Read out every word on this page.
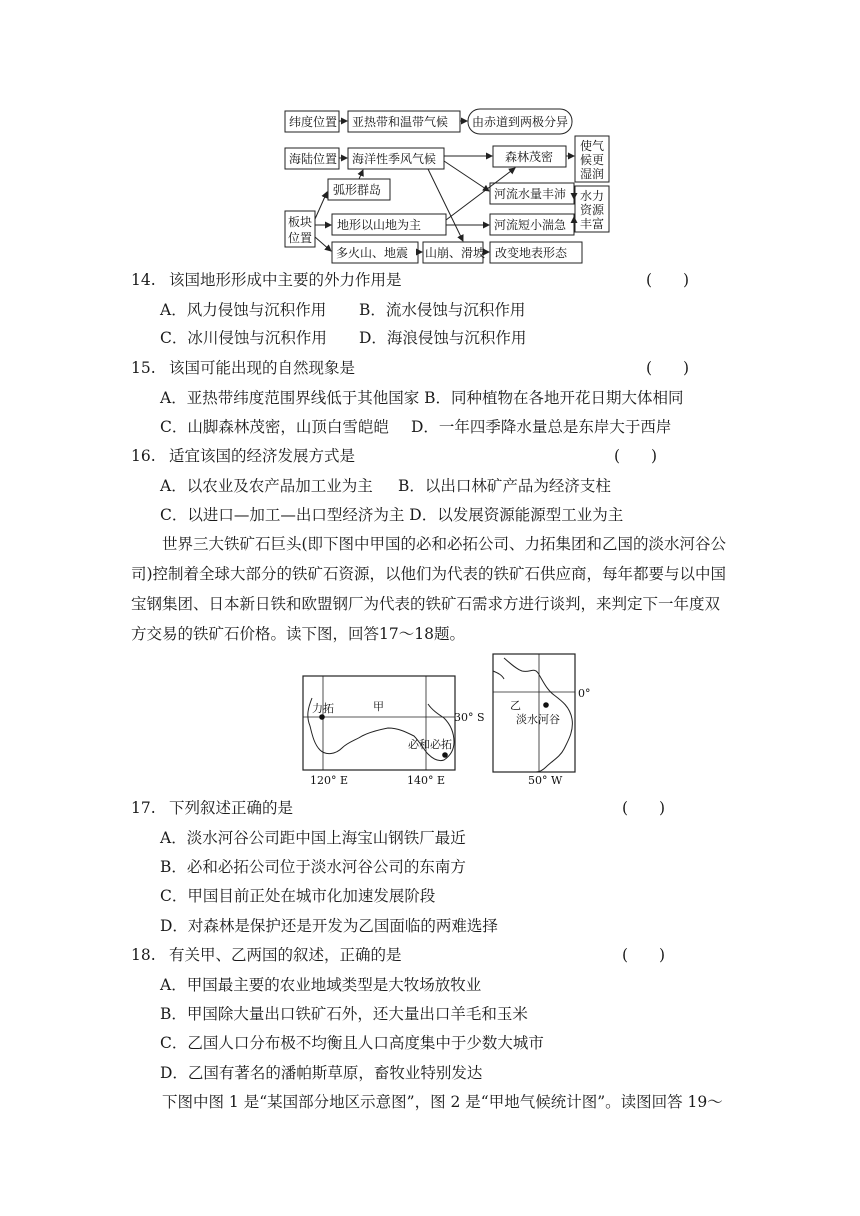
纬度位置 亚热带和温带气候 由赤道到两极分异
海陆位置 海洋性季风气候	森林茂密
使气
候更
湿润
弧形群岛	河流水量丰沛 水力
资源
丰富
板块
位置
地形以山地为主	河流短小湍急
多火山、地震 山崩、滑坡 改变地表形态
14. 该国地形形成中主要的外力作用是	(　　)
A．风力侵蚀与沉积作用 B．流水侵蚀与沉积作用
C．冰川侵蚀与沉积作用 D．海浪侵蚀与沉积作用
15. 该国可能出现的自然现象是	(　　)
A．亚热带纬度范围界线低于其他国家 B．同种植物在各地开花日期大体相同
C．山脚森林茂密，山顶白雪皑皑 D．一年四季降水量总是东岸大于西岸
16. 适宜该国的经济发展方式是	(　　)
A．以农业及农产品加工业为主 B．以出口林矿产品为经济支柱
C．以进口—加工—出口型经济为主 D．以发展资源能源型工业为主
世界三大铁矿石巨头(即下图中甲国的必和必拓公司、力拓集团和乙国的淡水河谷公司)控制着全球大部分的铁矿石资源，以他们为代表的铁矿石供应商，每年都要与以中国宝钢集团、日本新日铁和欧盟钢厂为代表的铁矿石需求方进行谈判，来判定下一年度双方交易的铁矿石价格。读下图，回答17～18题。
力拓	甲
30° S
必和必拓
120° E	140° E
乙
0°
淡水河谷
50° W
17. 下列叙述正确的是	(　　)
A．淡水河谷公司距中国上海宝山钢铁厂最近
B．必和必拓公司位于淡水河谷公司的东南方
C．甲国目前正处在城市化加速发展阶段
D．对森林是保护还是开发为乙国面临的两难选择
18. 有关甲、乙两国的叙述，正确的是	(　　)
A．甲国最主要的农业地域类型是大牧场放牧业
B．甲国除大量出口铁矿石外，还大量出口羊毛和玉米
C．乙国人口分布极不均衡且人口高度集中于少数大城市
D．乙国有著名的潘帕斯草原，畜牧业特别发达
下图中图 1 是“某国部分地区示意图”，图 2 是“甲地气候统计图”。读图回答 19～
